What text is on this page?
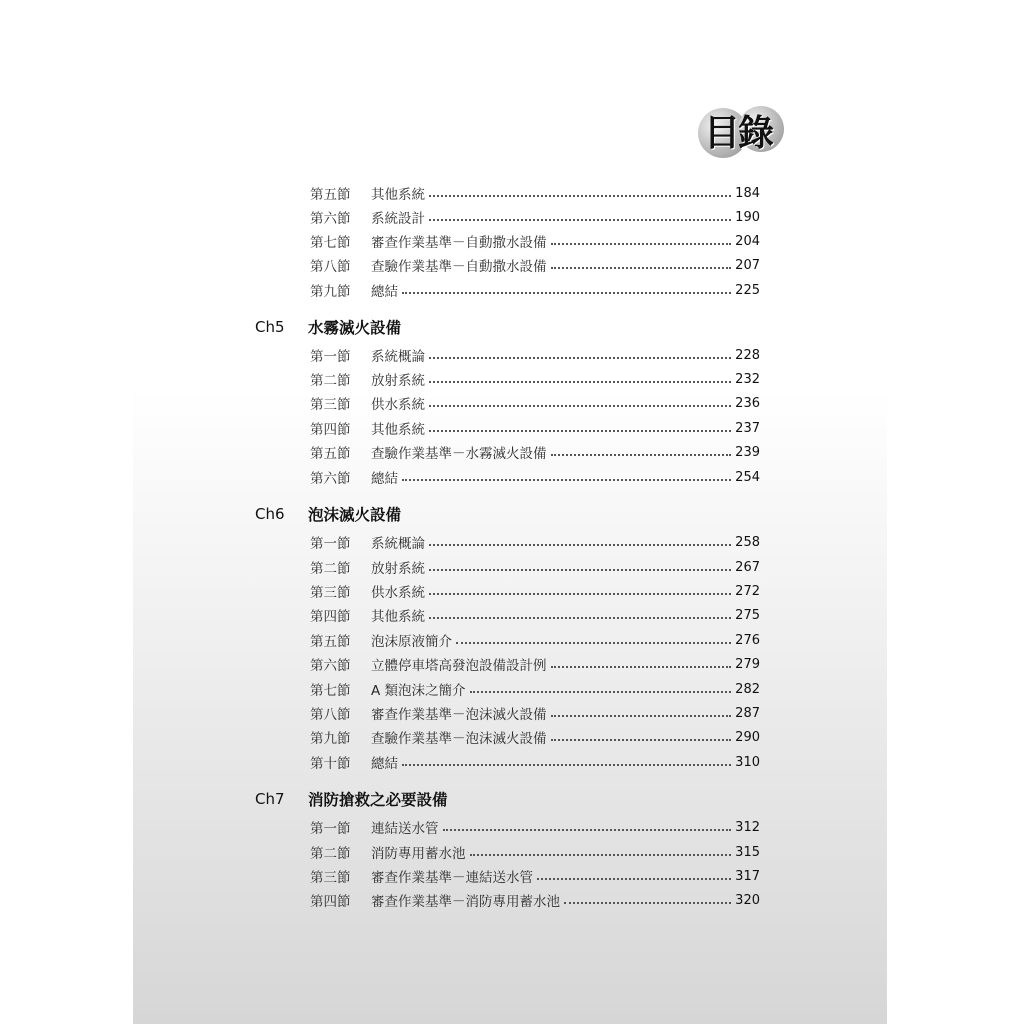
目錄
第五節	其他系統	184
第六節	系統設計	190
第七節	審查作業基準－自動撒水設備	204
第八節	查驗作業基準－自動撒水設備	207
第九節	總結	225
Ch5	水霧滅火設備
第一節	系統概論	228
第二節	放射系統	232
第三節	供水系統	236
第四節	其他系統	237
第五節	查驗作業基準－水霧滅火設備	239
第六節	總結	254
Ch6	泡沫滅火設備
第一節	系統概論	258
第二節	放射系統	267
第三節	供水系統	272
第四節	其他系統	275
第五節	泡沫原液簡介	276
第六節	立體停車塔高發泡設備設計例	279
第七節	A 類泡沫之簡介	282
第八節	審查作業基準－泡沫滅火設備	287
第九節	查驗作業基準－泡沫滅火設備	290
第十節	總結	310
Ch7	消防搶救之必要設備
第一節	連結送水管	312
第二節	消防專用蓄水池	315
第三節	審查作業基準－連結送水管	317
第四節	審查作業基準－消防專用蓄水池	320
